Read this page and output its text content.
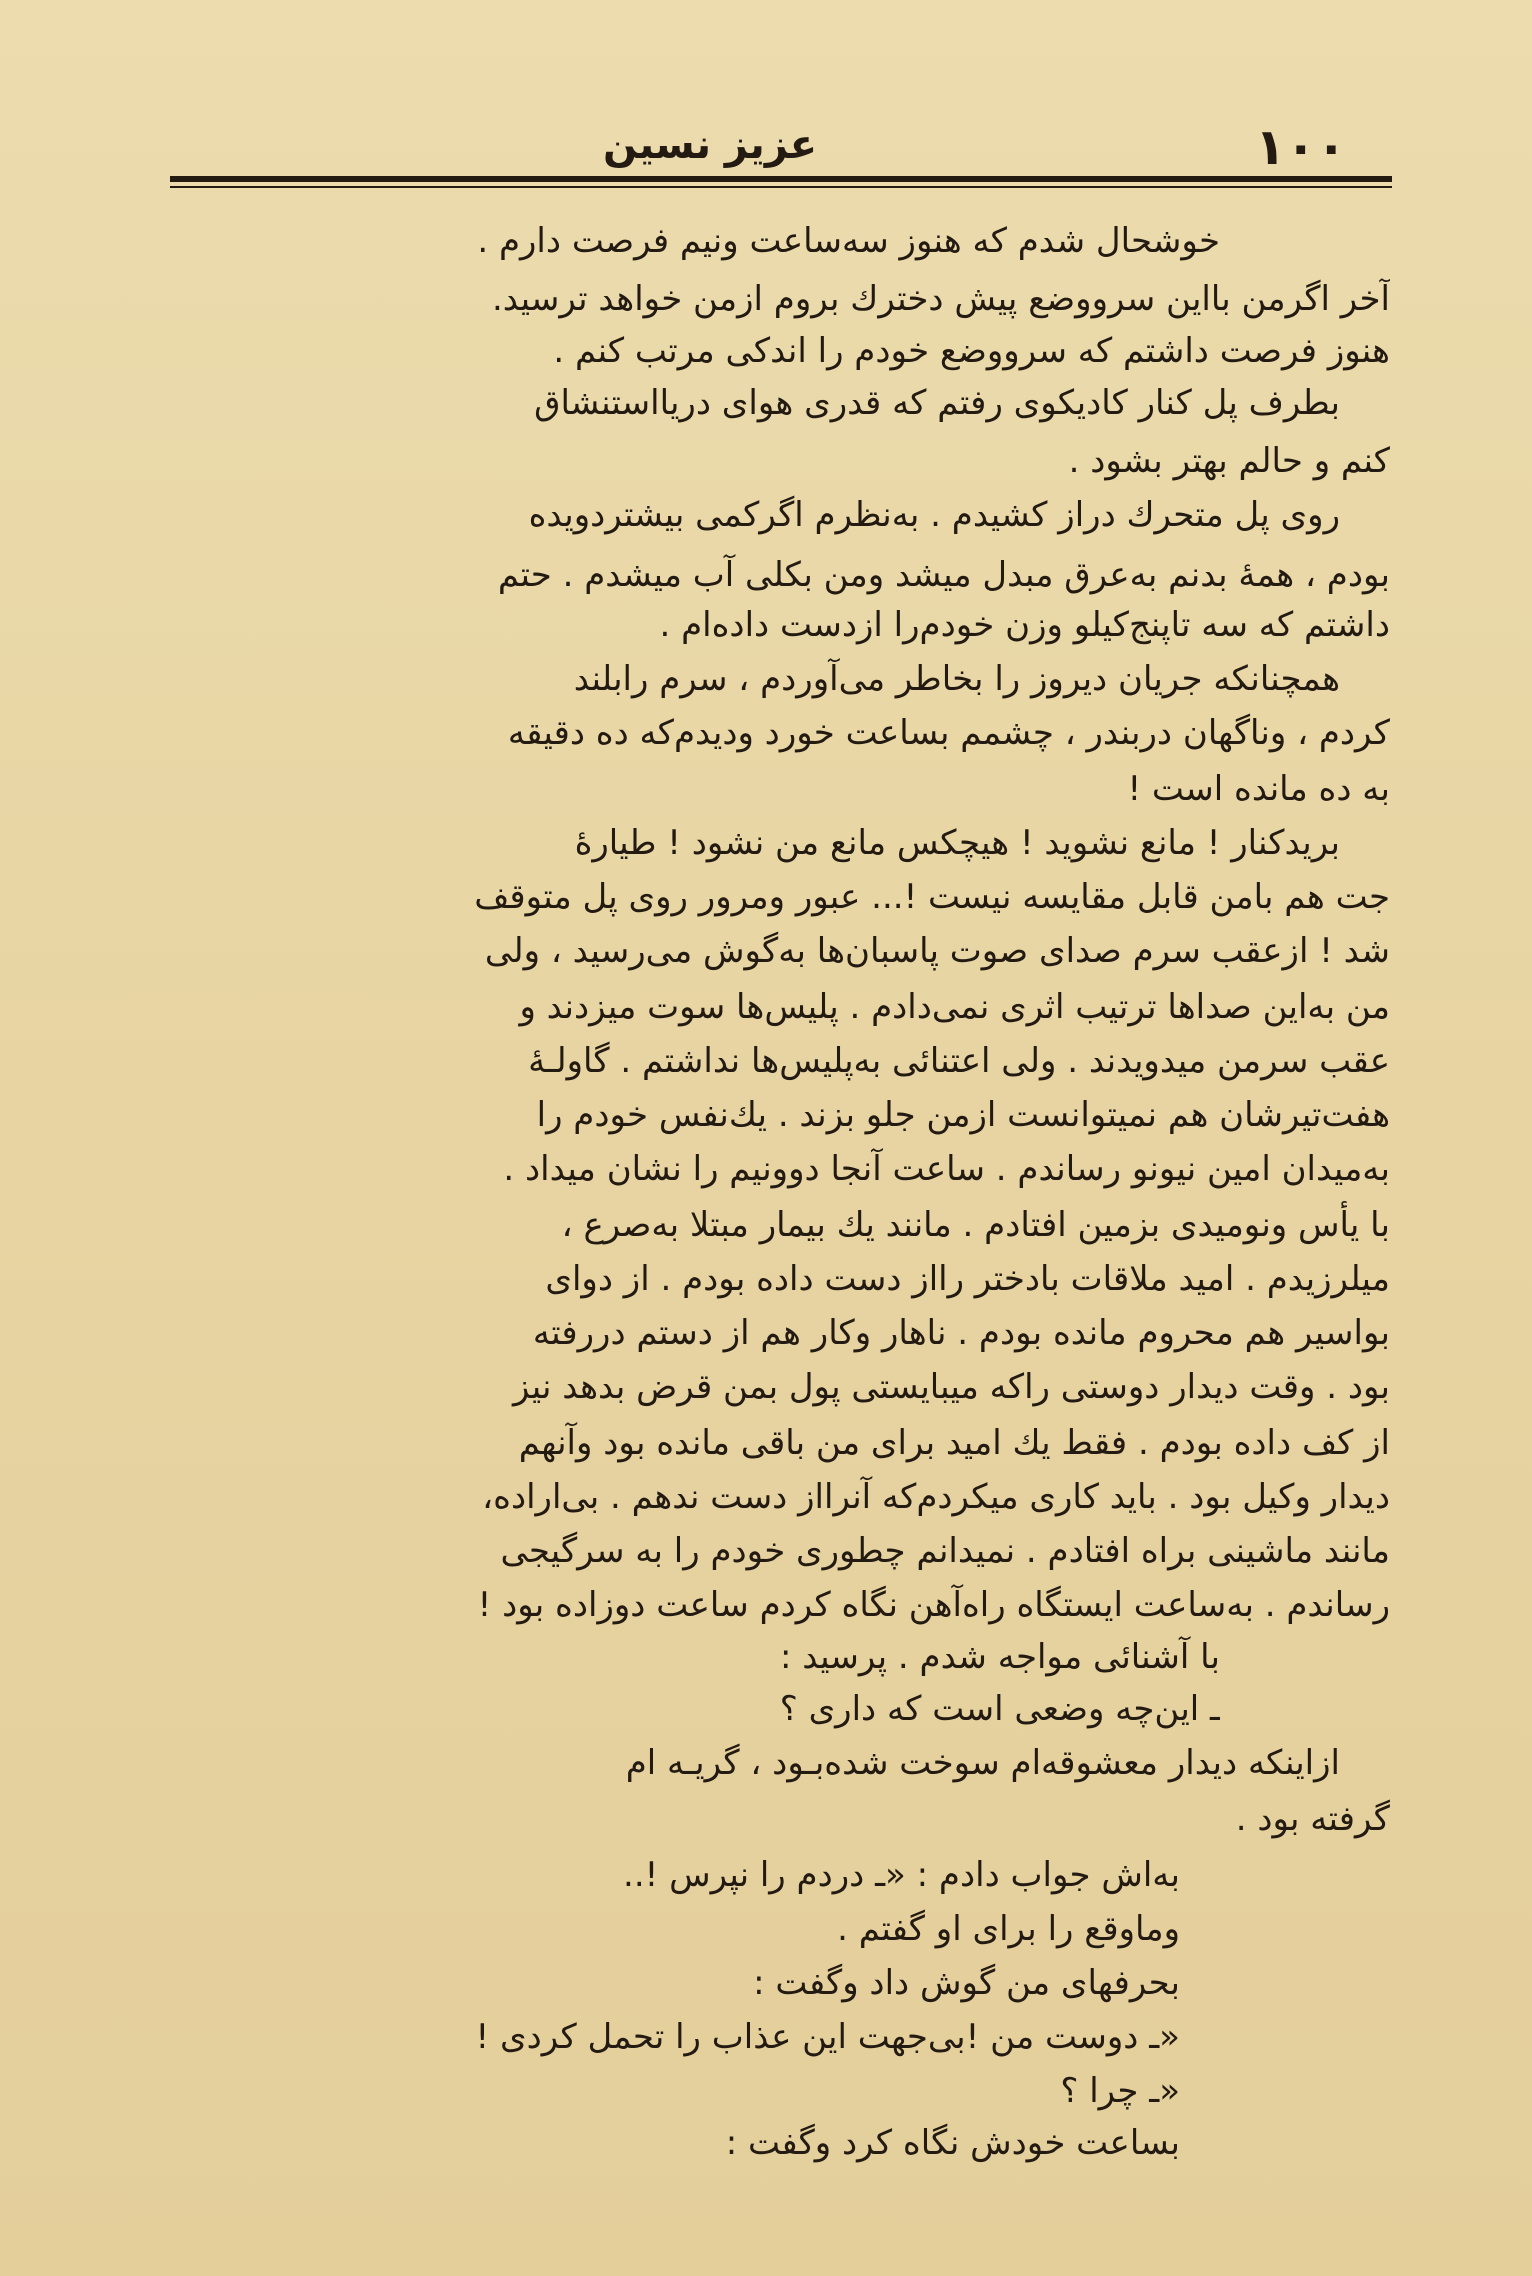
١٠٠
عزیز نسین
خوشحال شدم که هنوز سه‌ساعت ونیم فرصت دارم .
آخر اگرمن بااین سرووضع پیش دخترك بروم ازمن خواهد ترسید.
هنوز فرصت داشتم که سرووضع خودم را اندکی مرتب کنم .
بطرف پل کنار کادیکوی رفتم که قدری هوای دریااستنشاق
کنم و حالم بهتر بشود .
روی پل متحرك دراز کشیدم . به‌نظرم اگرکمی بیشتردویده
بودم ، همهٔ بدنم به‌عرق مبدل میشد ومن بکلی آب میشدم . حتم
داشتم که سه تاپنج‌کیلو وزن خودم‌را ازدست داده‌ام .
همچنانکه جریان دیروز را بخاطر می‌آوردم ، سرم رابلند
کردم ، وناگهان دربندر ، چشمم بساعت خورد ودیدم‌که ده دقیقه
به ده مانده است !
بریدکنار ! مانع نشوید ! هیچکس مانع من نشود ! طیارهٔ
جت هم بامن قابل مقایسه نیست !... عبور ومرور روی پل متوقف
شد ! ازعقب سرم صدای صوت پاسبان‌ها به‌گوش می‌رسید ، ولی
من به‌این صداها ترتیب اثری نمی‌دادم . پلیس‌ها سوت میزدند و
عقب سرمن میدویدند . ولی اعتنائی به‌پلیس‌ها نداشتم . گاولـهٔ
هفت‌تیرشان هم نمیتوانست ازمن جلو بزند . یك‌نفس خودم را
به‌میدان امین نیونو رساندم . ساعت آنجا دوونیم را نشان میداد .
با یأس ونومیدی بزمین افتادم . مانند یك بیمار مبتلا به‌صرع ،
میلرزیدم . امید ملاقات بادختر رااز دست داده بودم . از دوای
بواسیر هم محروم مانده بودم . ناهار وکار هم از دستم دررفته
بود . وقت دیدار دوستی راکه میبایستی پول بمن قرض بدهد نیز
از کف داده بودم . فقط یك امید برای من باقی مانده بود وآنهم
دیدار وکیل بود . باید کاری میکردم‌که آنرااز دست ندهم . بی‌اراده،
مانند ماشینی براه افتادم . نمیدانم چطوری خودم را به سرگیجی
رساندم . به‌ساعت ایستگاه راه‌آهن نگاه کردم ساعت دوزاده بود !
با آشنائی مواجه شدم . پرسید :
ـ این‌چه وضعی است که داری ؟
ازاینکه دیدار معشوقه‌ام سوخت شده‌بـود ، گریـه ام
گرفته بود .
به‌اش جواب دادم : «ـ دردم را نپرس !..
وماوقع را برای او گفتم .
بحرفهای من گوش داد وگفت :
«ـ دوست من !بی‌جهت این عذاب را تحمل کردی !
«ـ چرا ؟
بساعت خودش نگاه کرد وگفت :
